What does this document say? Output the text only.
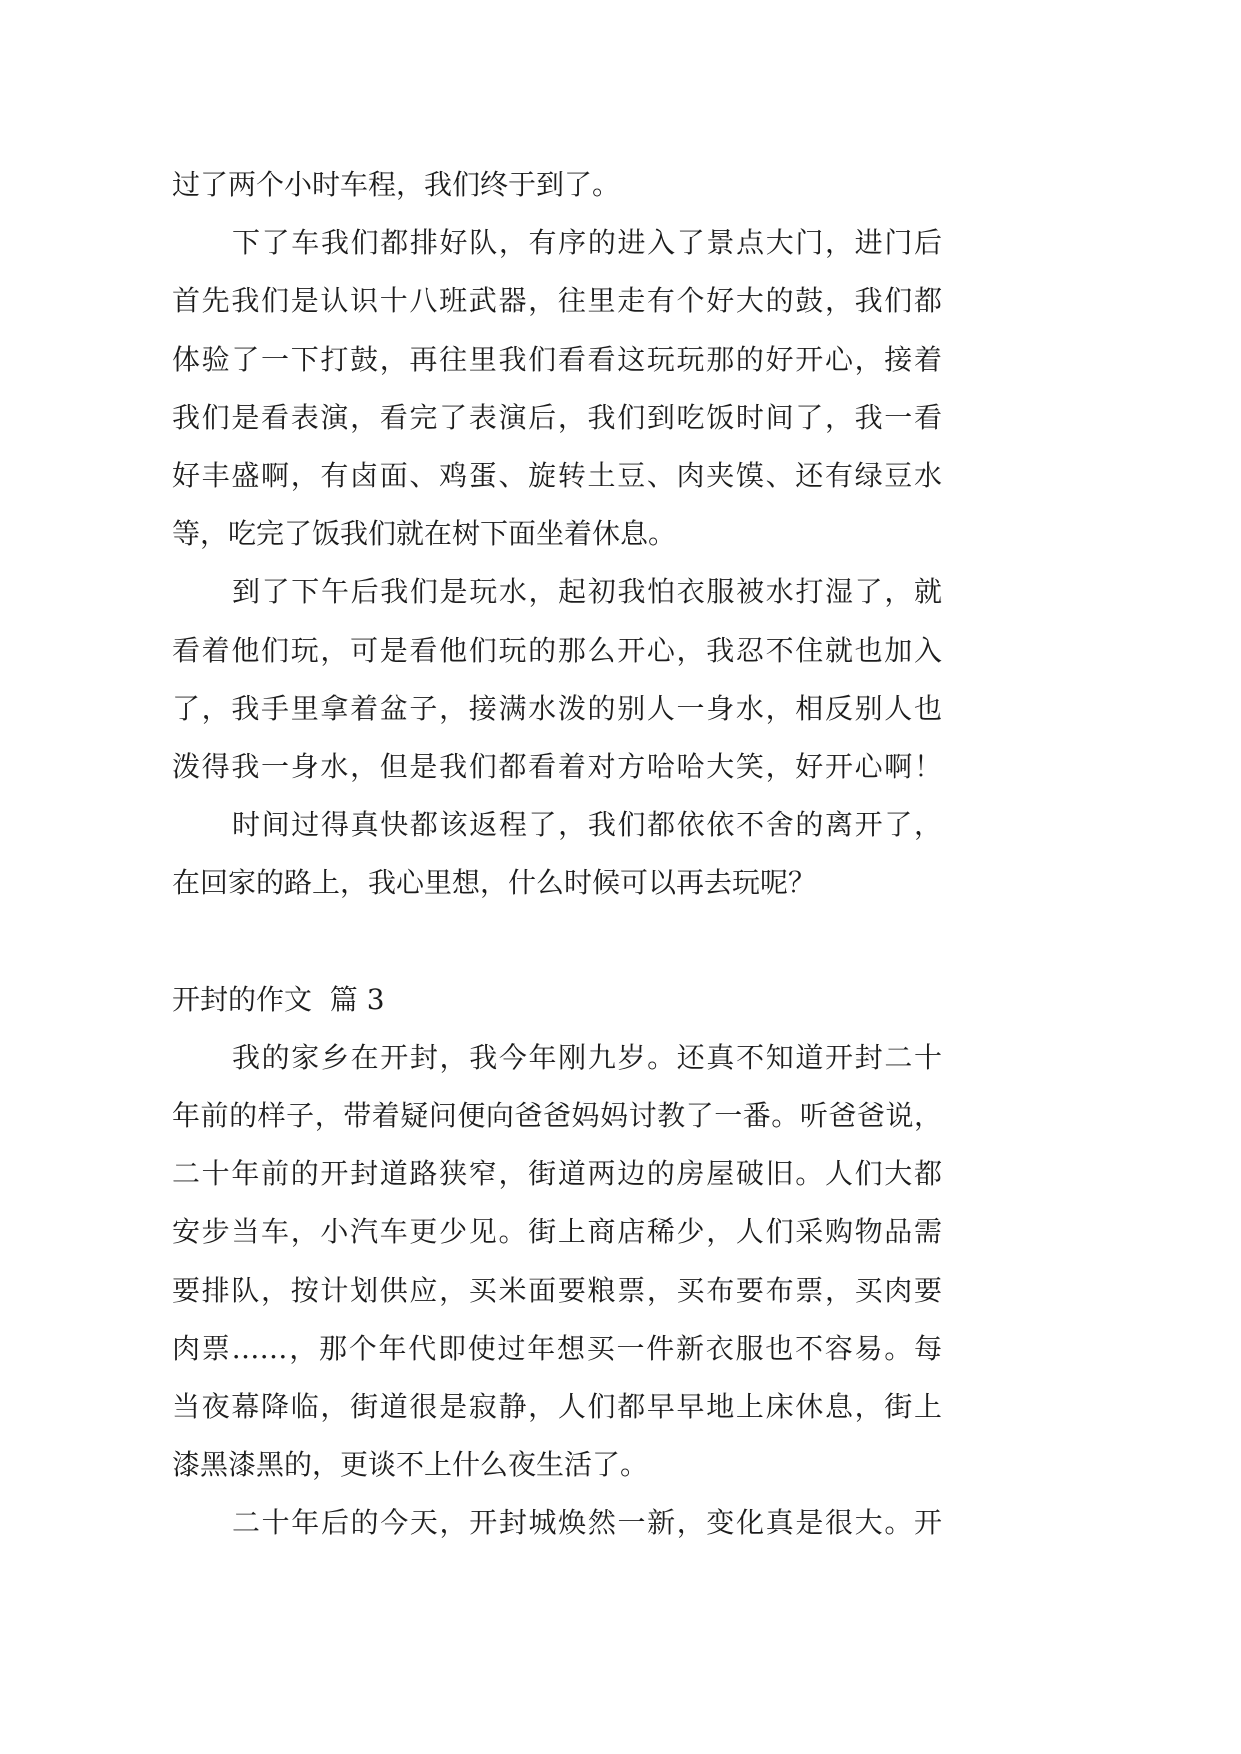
过了两个小时车程，我们终于到了。
下了车我们都排好队，有序的进入了景点大门，进门后
首先我们是认识十八班武器，往里走有个好大的鼓，我们都
体验了一下打鼓，再往里我们看看这玩玩那的好开心，接着
我们是看表演，看完了表演后，我们到吃饭时间了，我一看
好丰盛啊，有卤面、鸡蛋、旋转土豆、肉夹馍、还有绿豆水
等，吃完了饭我们就在树下面坐着休息。
到了下午后我们是玩水，起初我怕衣服被水打湿了，就
看着他们玩，可是看他们玩的那么开心，我忍不住就也加入
了，我手里拿着盆子，接满水泼的别人一身水，相反别人也
泼得我一身水，但是我们都看着对方哈哈大笑，好开心啊！
时间过得真快都该返程了，我们都依依不舍的离开了，
在回家的路上，我心里想，什么时候可以再去玩呢？
开封的作文  篇 3
我的家乡在开封，我今年刚九岁。还真不知道开封二十
年前的样子，带着疑问便向爸爸妈妈讨教了一番。听爸爸说，
二十年前的开封道路狭窄，街道两边的房屋破旧。人们大都
安步当车，小汽车更少见。街上商店稀少，人们采购物品需
要排队，按计划供应，买米面要粮票，买布要布票，买肉要
肉票……，那个年代即使过年想买一件新衣服也不容易。每
当夜幕降临，街道很是寂静，人们都早早地上床休息，街上
漆黑漆黑的，更谈不上什么夜生活了。
二十年后的今天，开封城焕然一新，变化真是很大。开
